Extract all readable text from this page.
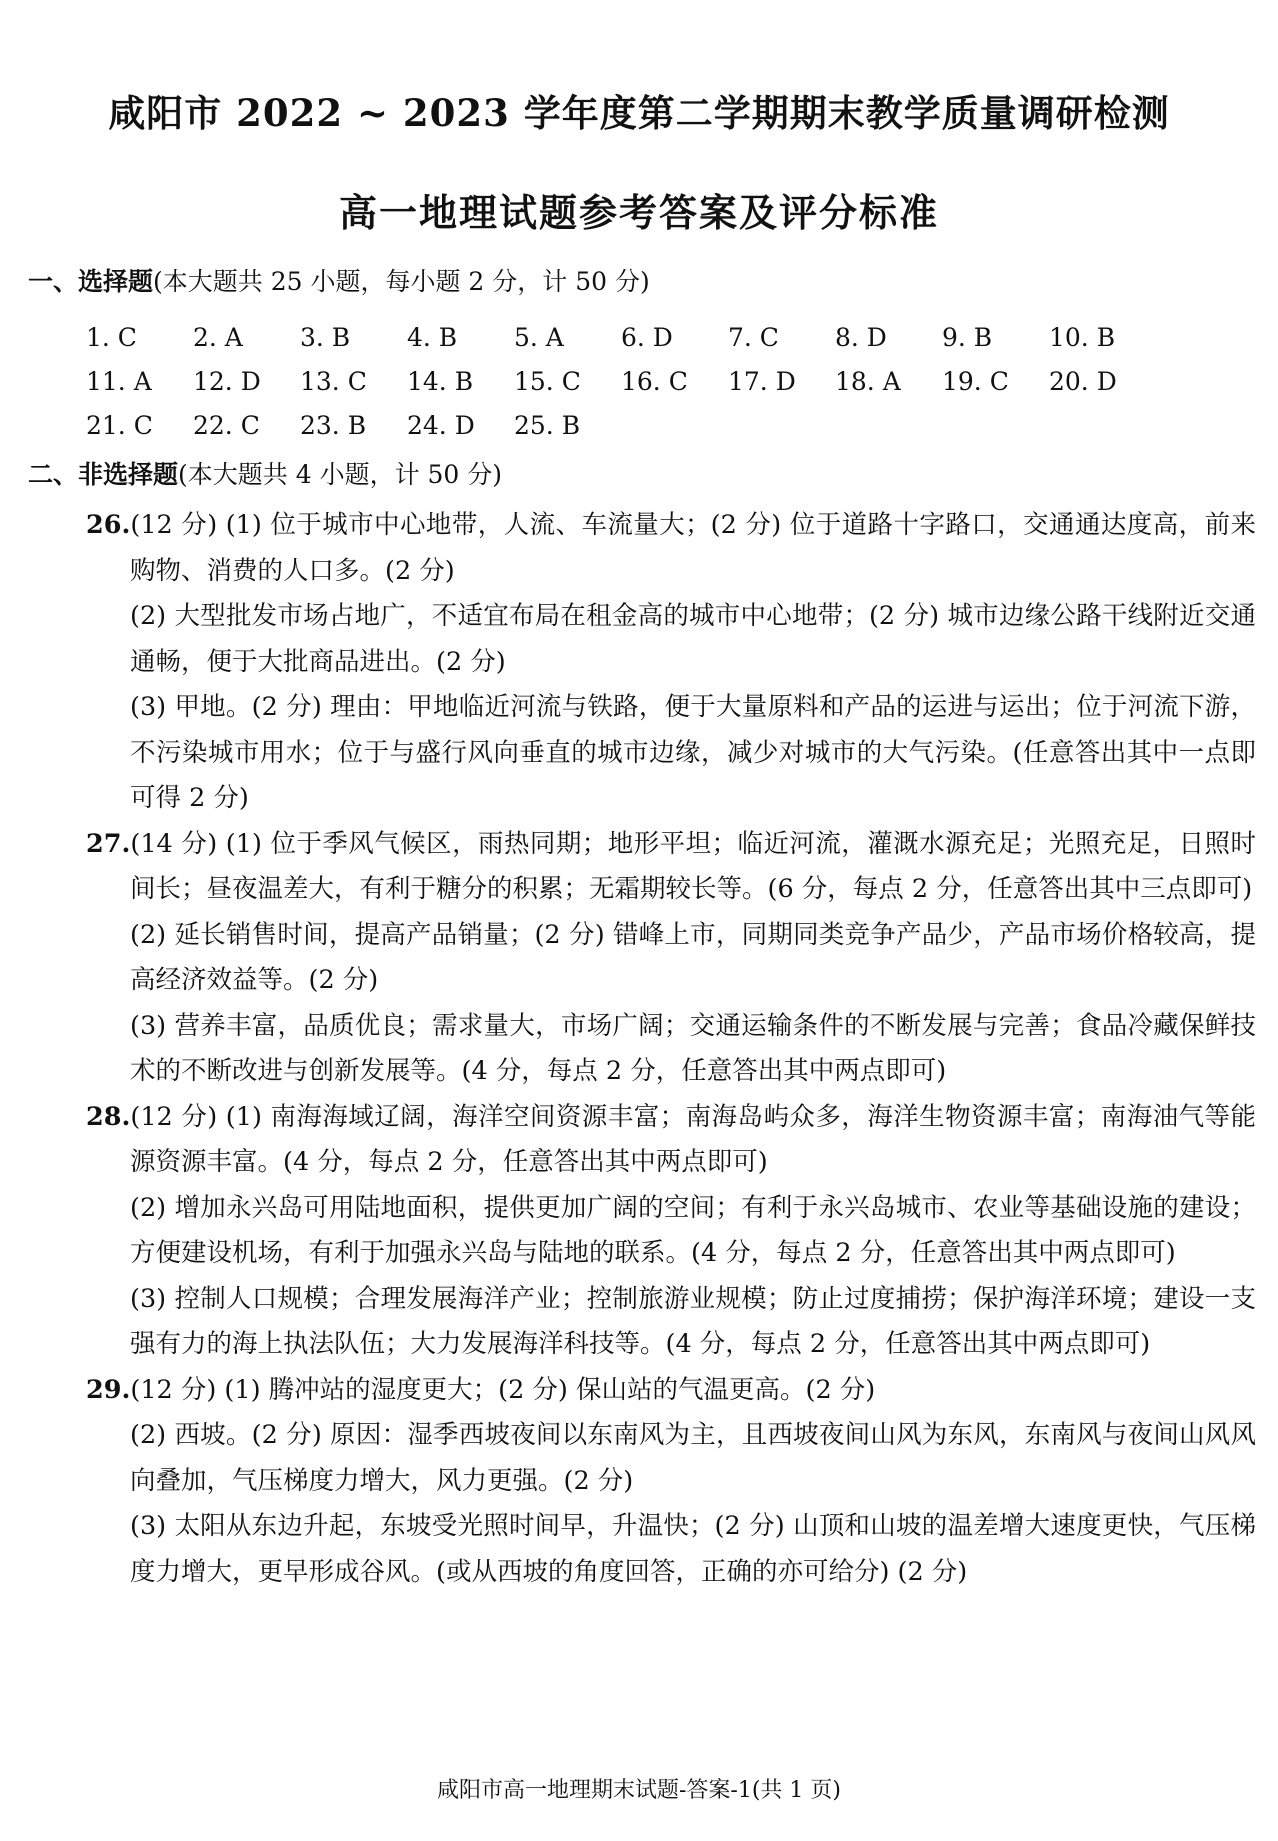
咸阳市 2022 ~ 2023 学年度第二学期期末教学质量调研检测
高一地理试题参考答案及评分标准
一、选择题(本大题共 25 小题，每小题 2 分，计 50 分)
1. C	2. A	3. B	4. B	5. A	6. D	7. C	8. D	9. B	10. B
11. A	12. D	13. C	14. B	15. C	16. C	17. D	18. A	19. C	20. D
21. C	22. C	23. B	24. D	25. B
二、非选择题(本大题共 4 小题，计 50 分)

26.(12 分) (1) 位于城市中心地带，人流、车流量大；(2 分) 位于道路十字路口，交通通达度高，前来购物、消费的人口多。(2 分)

(2) 大型批发市场占地广，不适宜布局在租金高的城市中心地带；(2 分) 城市边缘公路干线附近交通通畅，便于大批商品进出。(2 分)

(3) 甲地。(2 分) 理由：甲地临近河流与铁路，便于大量原料和产品的运进与运出；位于河流下游，不污染城市用水；位于与盛行风向垂直的城市边缘，减少对城市的大气污染。(任意答出其中一点即可得 2 分)

27.(14 分) (1) 位于季风气候区，雨热同期；地形平坦；临近河流，灌溉水源充足；光照充足，日照时间长；昼夜温差大，有利于糖分的积累；无霜期较长等。(6 分，每点 2 分，任意答出其中三点即可)

(2) 延长销售时间，提高产品销量；(2 分) 错峰上市，同期同类竞争产品少，产品市场价格较高，提高经济效益等。(2 分)

(3) 营养丰富，品质优良；需求量大，市场广阔；交通运输条件的不断发展与完善；食品冷藏保鲜技术的不断改进与创新发展等。(4 分，每点 2 分，任意答出其中两点即可)

28.(12 分) (1) 南海海域辽阔，海洋空间资源丰富；南海岛屿众多，海洋生物资源丰富；南海油气等能源资源丰富。(4 分，每点 2 分，任意答出其中两点即可)

(2) 增加永兴岛可用陆地面积，提供更加广阔的空间；有利于永兴岛城市、农业等基础设施的建设；方便建设机场，有利于加强永兴岛与陆地的联系。(4 分，每点 2 分，任意答出其中两点即可)

(3) 控制人口规模；合理发展海洋产业；控制旅游业规模；防止过度捕捞；保护海洋环境；建设一支强有力的海上执法队伍；大力发展海洋科技等。(4 分，每点 2 分，任意答出其中两点即可)

29.(12 分) (1) 腾冲站的湿度更大；(2 分) 保山站的气温更高。(2 分)

(2) 西坡。(2 分) 原因：湿季西坡夜间以东南风为主，且西坡夜间山风为东风，东南风与夜间山风风向叠加，气压梯度力增大，风力更强。(2 分)

(3) 太阳从东边升起，东坡受光照时间早，升温快；(2 分) 山顶和山坡的温差增大速度更快，气压梯度力增大，更早形成谷风。(或从西坡的角度回答，正确的亦可给分) (2 分)

咸阳市高一地理期末试题-答案-1(共 1 页)
